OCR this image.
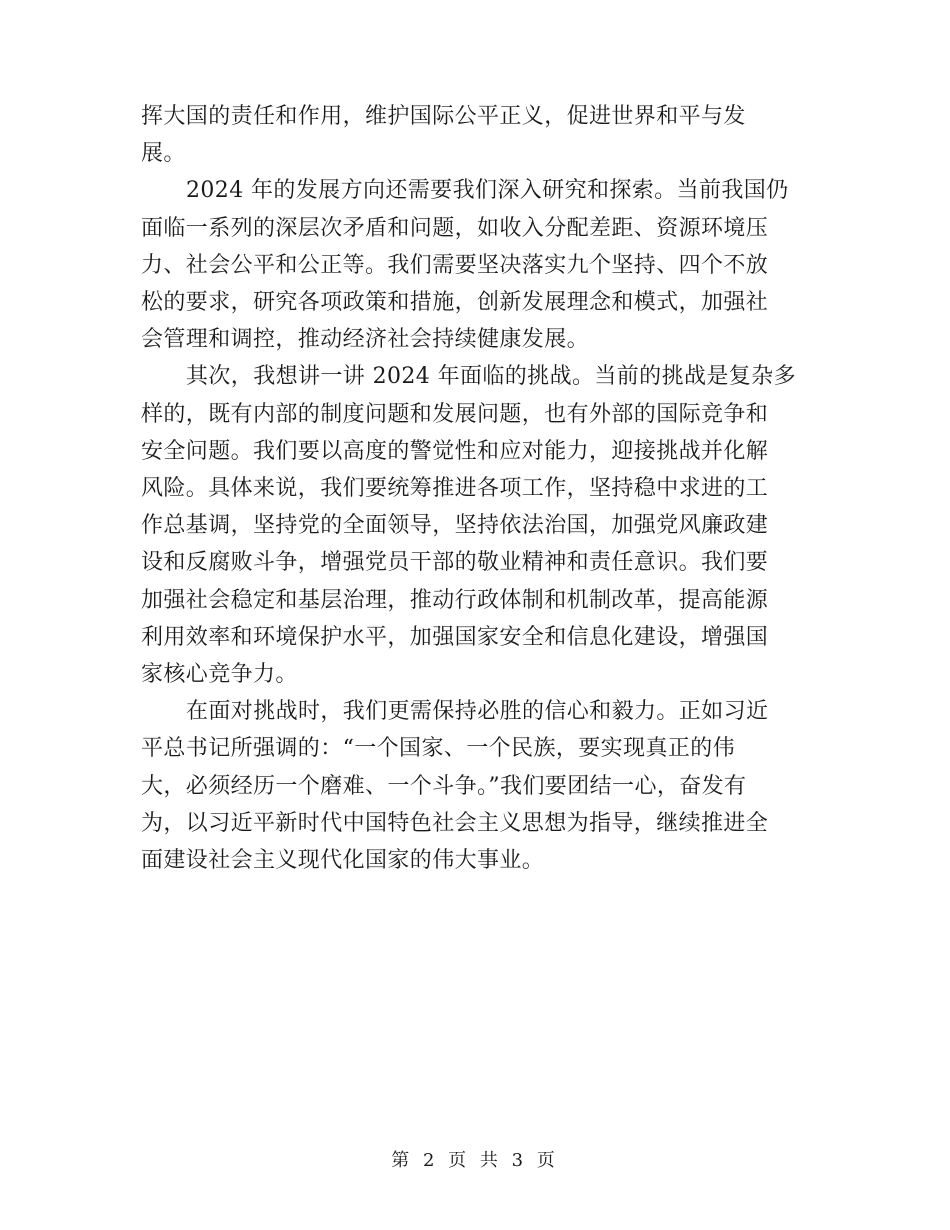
挥大国的责任和作用，维护国际公平正义，促进世界和平与发
展。

2024 年的发展方向还需要我们深入研究和探索。当前我国仍
面临一系列的深层次矛盾和问题，如收入分配差距、资源环境压
力、社会公平和公正等。我们需要坚决落实九个坚持、四个不放
松的要求，研究各项政策和措施，创新发展理念和模式，加强社
会管理和调控，推动经济社会持续健康发展。

其次，我想讲一讲 2024 年面临的挑战。当前的挑战是复杂多
样的，既有内部的制度问题和发展问题，也有外部的国际竞争和
安全问题。我们要以高度的警觉性和应对能力，迎接挑战并化解
风险。具体来说，我们要统筹推进各项工作，坚持稳中求进的工
作总基调，坚持党的全面领导，坚持依法治国，加强党风廉政建
设和反腐败斗争，增强党员干部的敬业精神和责任意识。我们要
加强社会稳定和基层治理，推动行政体制和机制改革，提高能源
利用效率和环境保护水平，加强国家安全和信息化建设，增强国
家核心竞争力。

在面对挑战时，我们更需保持必胜的信心和毅力。正如习近
平总书记所强调的：“一个国家、一个民族，要实现真正的伟
大，必须经历一个磨难、一个斗争。”我们要团结一心，奋发有
为，以习近平新时代中国特色社会主义思想为指导，继续推进全
面建设社会主义现代化国家的伟大事业。

第 2 页 共 3 页
